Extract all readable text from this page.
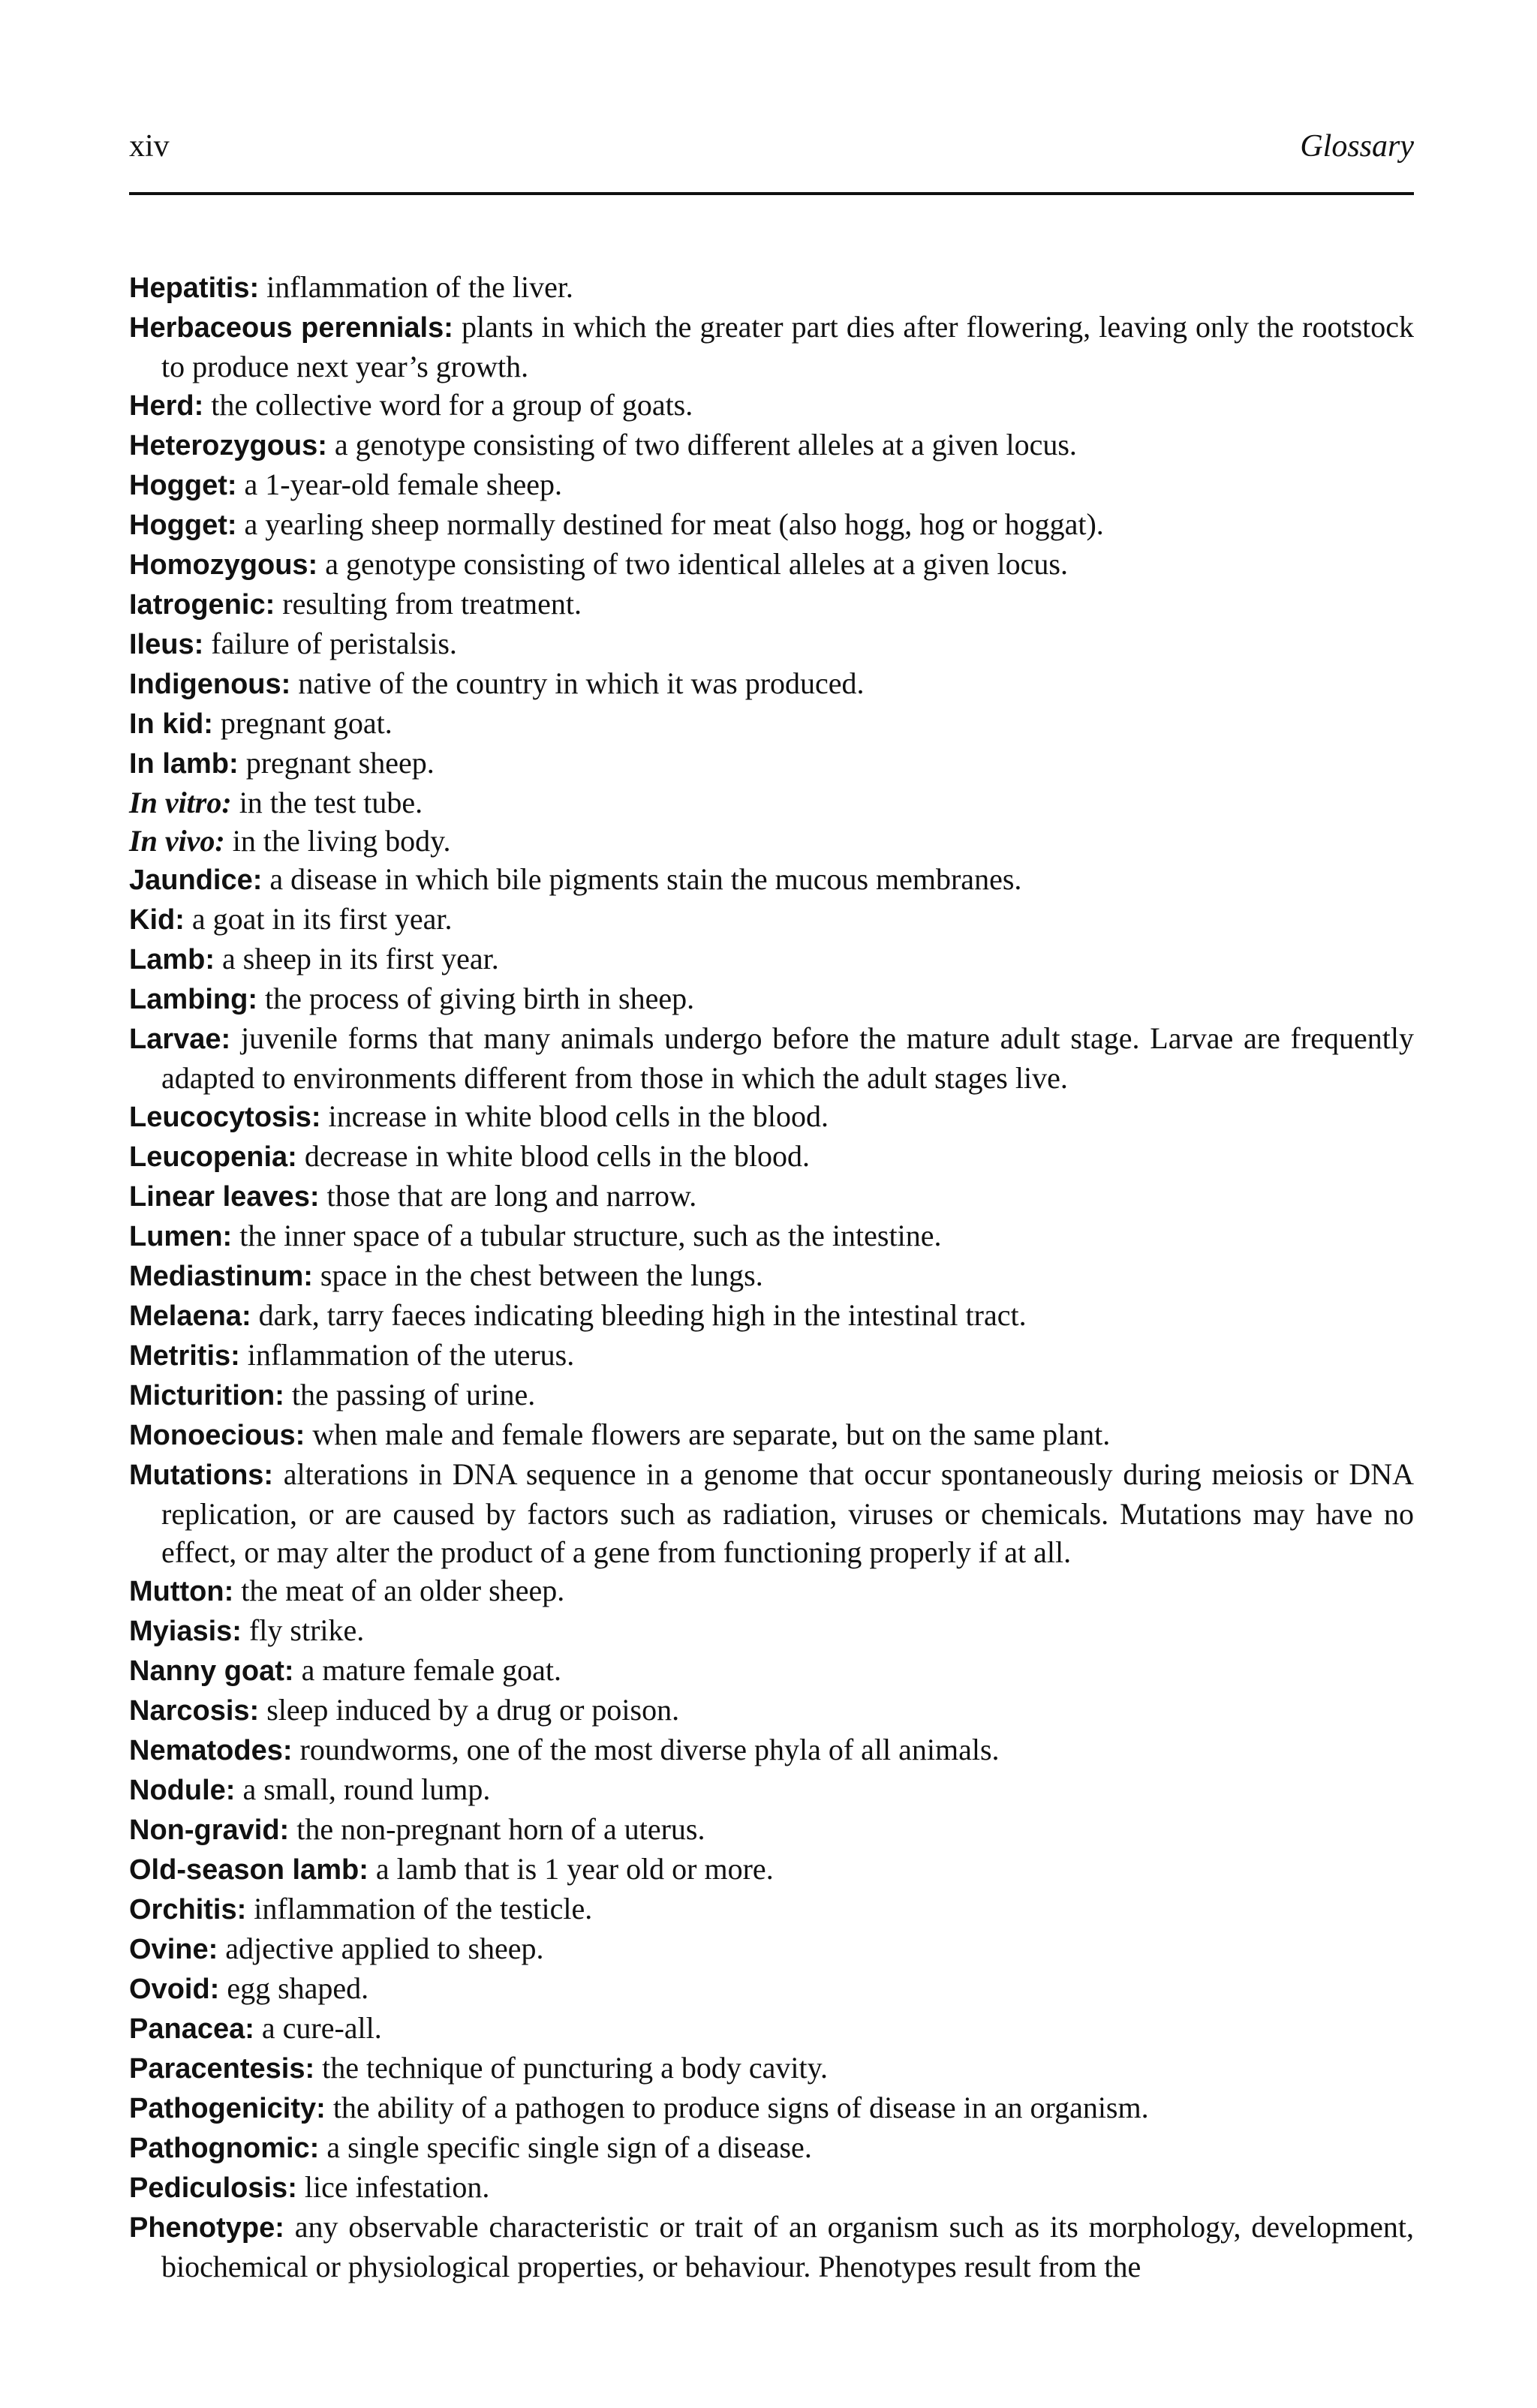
xiv	Glossary
Hepatitis: inflammation of the liver.
Herbaceous perennials: plants in which the greater part dies after flowering, leaving only the rootstock to produce next year’s growth.
Herd: the collective word for a group of goats.
Heterozygous: a genotype consisting of two different alleles at a given locus.
Hogget: a 1-year-old female sheep.
Hogget: a yearling sheep normally destined for meat (also hogg, hog or hoggat).
Homozygous: a genotype consisting of two identical alleles at a given locus.
Iatrogenic: resulting from treatment.
Ileus: failure of peristalsis.
Indigenous: native of the country in which it was produced.
In kid: pregnant goat.
In lamb: pregnant sheep.
In vitro: in the test tube.
In vivo: in the living body.
Jaundice: a disease in which bile pigments stain the mucous membranes.
Kid: a goat in its first year.
Lamb: a sheep in its first year.
Lambing: the process of giving birth in sheep.
Larvae: juvenile forms that many animals undergo before the mature adult stage. Larvae are frequently adapted to environments different from those in which the adult stages live.
Leucocytosis: increase in white blood cells in the blood.
Leucopenia: decrease in white blood cells in the blood.
Linear leaves: those that are long and narrow.
Lumen: the inner space of a tubular structure, such as the intestine.
Mediastinum: space in the chest between the lungs.
Melaena: dark, tarry faeces indicating bleeding high in the intestinal tract.
Metritis: inflammation of the uterus.
Micturition: the passing of urine.
Monoecious: when male and female flowers are separate, but on the same plant.
Mutations: alterations in DNA sequence in a genome that occur spontaneously during meiosis or DNA replication, or are caused by factors such as radiation, viruses or chemicals. Mutations may have no effect, or may alter the product of a gene from functioning properly if at all.
Mutton: the meat of an older sheep.
Myiasis: fly strike.
Nanny goat: a mature female goat.
Narcosis: sleep induced by a drug or poison.
Nematodes: roundworms, one of the most diverse phyla of all animals.
Nodule: a small, round lump.
Non-gravid: the non-pregnant horn of a uterus.
Old-season lamb: a lamb that is 1 year old or more.
Orchitis: inflammation of the testicle.
Ovine: adjective applied to sheep.
Ovoid: egg shaped.
Panacea: a cure-all.
Paracentesis: the technique of puncturing a body cavity.
Pathogenicity: the ability of a pathogen to produce signs of disease in an organism.
Pathognomic: a single specific single sign of a disease.
Pediculosis: lice infestation.
Phenotype: any observable characteristic or trait of an organism such as its morphology, development, biochemical or physiological properties, or behaviour. Phenotypes result from the
